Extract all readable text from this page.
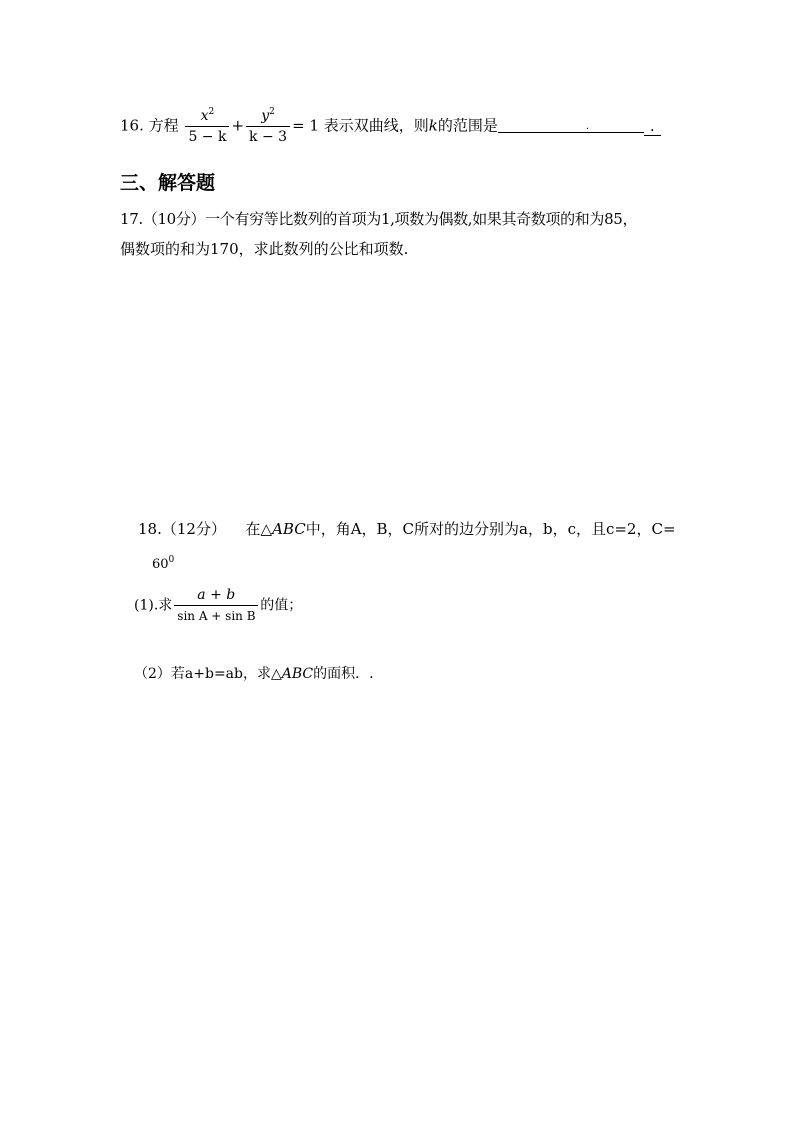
16. 方程 $\frac{x^2}{5 - k} + \frac{y^2}{k - 3} = 1$ 表示双曲线，则k的范围是	.	.
三、解答题
17.（10分）一个有穷等比数列的首项为1,项数为偶数,如果其奇数项的和为85，
偶数项的和为170，求此数列的公比和项数.
18.（12分） 在△ABC中，角A，B，C所对的边分别为a，b，c，且c=2，C=
$60^0$
(1).求 $\frac{a + b}{\text{sin A + sin B}}$ 的值；
（2）若a+b=ab，求△ABC的面积．.
